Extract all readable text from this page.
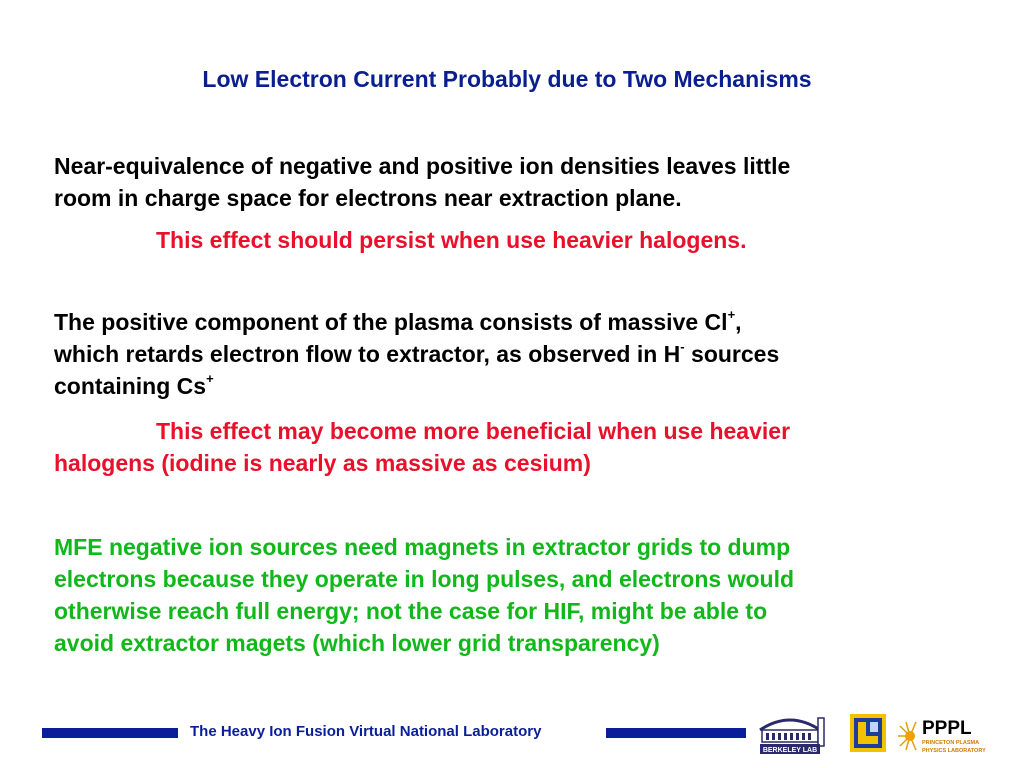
Low Electron Current Probably due to Two Mechanisms

Near-equivalence of negative and positive ion densities leaves little
room in charge space for electrons near extraction plane.

This effect should persist when use heavier halogens.

The positive component of the plasma consists of massive Cl+,
which retards electron flow to extractor, as observed in H- sources
containing Cs+

This effect may become more beneficial when use heavier
halogens (iodine is nearly as massive as cesium)

MFE negative ion sources need magnets in extractor grids to dump
electrons because they operate in long pulses, and electrons would
otherwise reach full energy; not the case for HIF, might be able to
avoid extractor magets (which lower grid transparency)

The Heavy Ion Fusion Virtual National Laboratory
BERKELEY LAB
PPPL
PRINCETON PLASMA
PHYSICS LABORATORY
